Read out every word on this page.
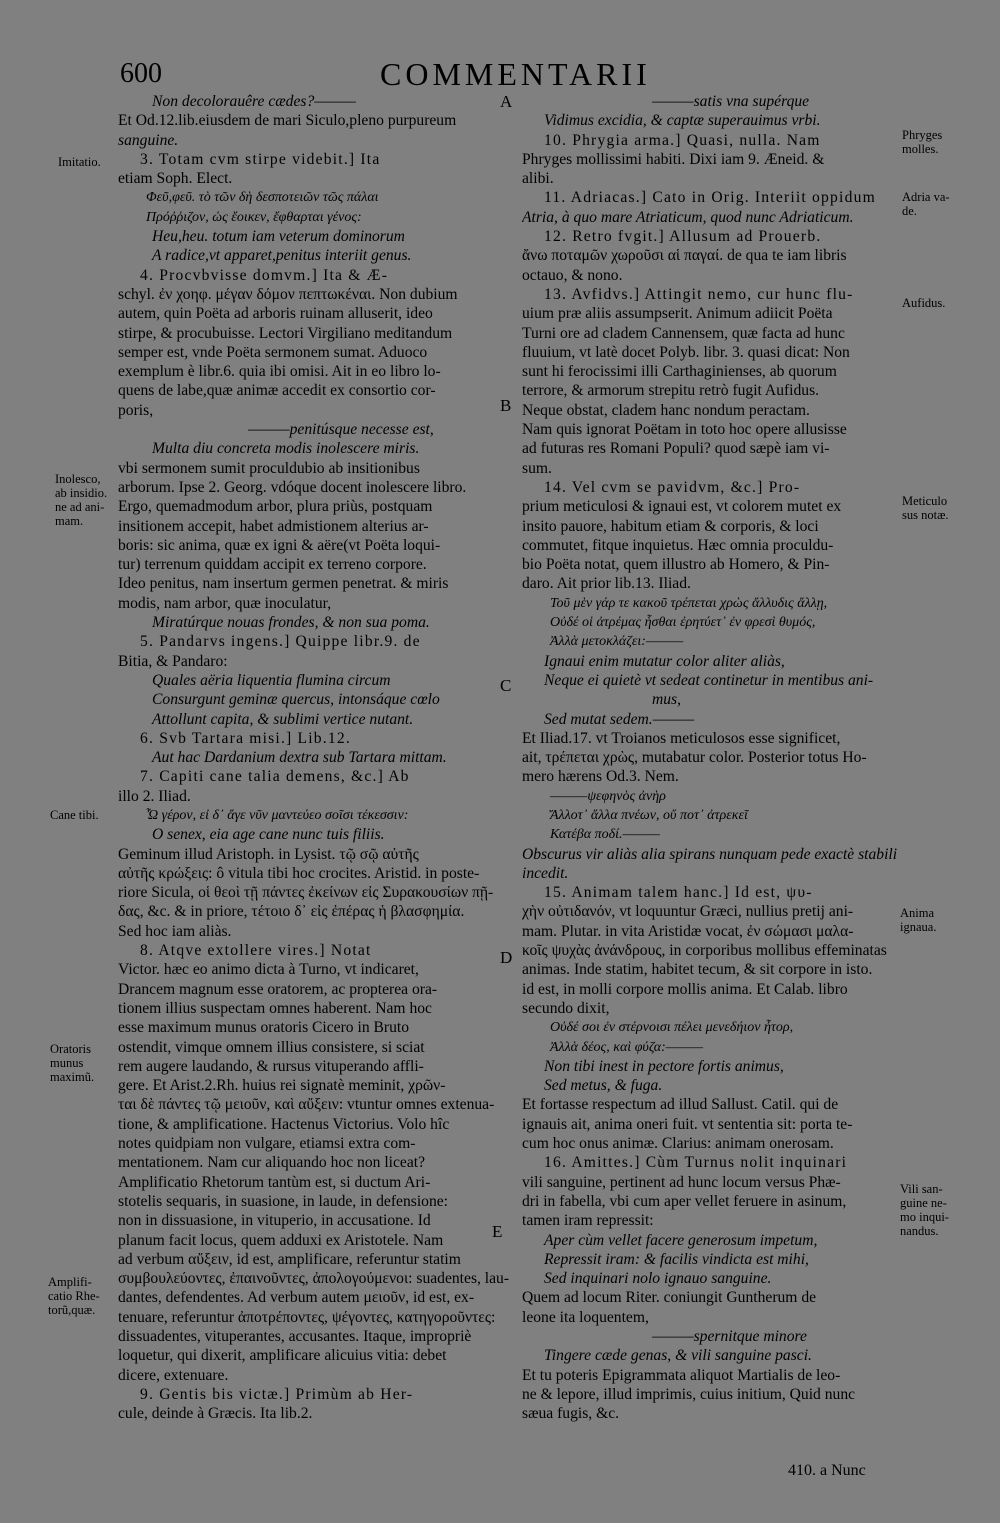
600	COMMENTARII
A
B
C
D
E
Imitatio.
Inolesco, ab insidio. ne ad ani-mam.
Cane tibi.
Oratoris munus maximũ.
Amplifi-catio Rhe-torũ,quæ.
Phryges molles.
Adria va-de.
Aufidus.
Meticulo sus notæ.
Anima ignaua.
Vili san-guine ne-mo inqui-nandus.
Non decolorauêre cædes?———
Et Od.12.lib.eiusdem de mari Siculo,pleno purpureum
sanguine.
3. Totam cvm stirpe videbit.] Ita
etiam Soph. Elect.
Φεῦ,φεῦ. τὸ τῶν δὴ δεσποτειῶν τῶς πάλαι
Πρόῤῥιζον, ὡς ἔοικεν, ἔφθαρται γένος:
Heu,heu. totum iam veterum dominorum
A radice,vt apparet,penitus interiit genus.
4. Procvbvisse domvm.] Ita & Æ-
schyl. ἐν χοηφ. μέγαν δόμον πεπτωκέναι. Non dubium
autem, quin Poëta ad arboris ruinam alluserit, ideo
stirpe, & procubuisse. Lectori Virgiliano meditandum
semper est, vnde Poëta sermonem sumat. Aduoco
exemplum è libr.6. quia ibi omisi. Ait in eo libro lo-
quens de labe,quæ animæ accedit ex consortio cor-
poris,
———penitúsque necesse est,
Multa diu concreta modis inolescere miris.
vbi sermonem sumit proculdubio ab insitionibus
arborum. Ipse 2. Georg. vdóque docent inolescere libro.
Ergo, quemadmodum arbor, plura priùs, postquam
insitionem accepit, habet admistionem alterius ar-
boris: sic anima, quæ ex igni & aëre(vt Poëta loqui-
tur) terrenum quiddam accipit ex terreno corpore.
Ideo penitus, nam insertum germen penetrat. & miris
modis, nam arbor, quæ inoculatur,
Miratúrque nouas frondes, & non sua poma.
5. Pandarvs ingens.] Quippe libr.9. de
Bitia, & Pandaro:
Quales aëria liquentia flumina circum
Consurgunt geminæ quercus, intonsáque cœlo
Attollunt capita, & sublimi vertice nutant.
6. Svb Tartara misi.] Lib.12.
Aut hac Dardanium dextra sub Tartara mittam.
7. Capiti cane talia demens, &c.] Ab
illo 2. Iliad.
Ὦ γέρον, εἰ δ᾽ ἄγε νῦν μαντεύεο σοῖσι τέκεσσιν:
O senex, eia age cane nunc tuis filiis.
Geminum illud Aristoph. in Lysist. τῷ σῷ αὐτῆς
αὐτῆς κρώξεις: ô vitula tibi hoc crocites. Aristid. in poste-
riore Sicula, οἱ θεοὶ τῇ πάντες ἐκείνων εἰς Συρακουσίων πῇ-
δας, &c. & in priore, τέτοιο δ᾽ εἰς ἐπέρας ἡ βλασφημία.
Sed hoc iam aliàs.
8. Atqve extollere vires.] Notat
Victor. hæc eo animo dicta à Turno, vt indicaret,
Drancem magnum esse oratorem, ac propterea ora-
tionem illius suspectam omnes haberent. Nam hoc
esse maximum munus oratoris Cicero in Bruto
ostendit, vimque omnem illius consistere, si sciat
rem augere laudando, & rursus vituperando affli-
gere. Et Arist.2.Rh. huius rei signatè meminit, χρῶν-
ται δὲ πάντες τῷ μειοῦν, καὶ αὔξειν: vtuntur omnes extenua-
tione, & amplificatione. Hactenus Victorius. Volo hîc
notes quidpiam non vulgare, etiamsi extra com-
mentationem. Nam cur aliquando hoc non liceat?
Amplificatio Rhetorum tantùm est, si ductum Ari-
stotelis sequaris, in suasione, in laude, in defensione:
non in dissuasione, in vituperio, in accusatione. Id
planum facit locus, quem adduxi ex Aristotele. Nam
ad verbum αὔξειν, id est, amplificare, referuntur statim
συμβουλεύοντες, ἐπαινοῦντες, ἀπολογούμενοι: suadentes, lau-
dantes, defendentes. Ad verbum autem μειοῦν, id est, ex-
tenuare, referuntur ἀποτρέποντες, ψέγοντες, κατηγοροῦντες:
dissuadentes, vituperantes, accusantes. Itaque, impropriè
loquetur, qui dixerit, amplificare alicuius vitia: debet
dicere, extenuare.
9. Gentis bis victæ.] Primùm ab Her-
cule, deinde à Græcis. Ita lib.2.
———satis vna supérque
Vidimus excidia, & captæ superauimus vrbi.
10. Phrygia arma.] Quasi, nulla. Nam
Phryges mollissimi habiti. Dixi iam 9. Æneid. &
alibi.
11. Adriacas.] Cato in Orig. Interiit oppidum
Atria, à quo mare Atriaticum, quod nunc Adriaticum.
12. Retro fvgit.] Allusum ad Prouerb.
ἄνω ποταμῶν χωροῦσι αἱ παγαί. de qua te iam libris
octauo, & nono.
13. Avfidvs.] Attingit nemo, cur hunc flu-
uium præ aliis assumpserit. Animum adiicit Poëta
Turni ore ad cladem Cannensem, quæ facta ad hunc
fluuium, vt latè docet Polyb. libr. 3. quasi dicat: Non
sunt hi ferocissimi illi Carthaginienses, ab quorum
terrore, & armorum strepitu retrò fugit Aufidus.
Neque obstat, cladem hanc nondum peractam.
Nam quis ignorat Poëtam in toto hoc opere allusisse
ad futuras res Romani Populi? quod sæpè iam vi-
sum.
14. Vel cvm se pavidvm, &c.] Pro-
prium meticulosi & ignaui est, vt colorem mutet ex
insito pauore, habitum etiam & corporis, & loci
commutet, fitque inquietus. Hæc omnia proculdu-
bio Poëta notat, quem illustro ab Homero, & Pin-
daro. Ait prior lib.13. Iliad.
Τοῦ μὲν γάρ τε κακοῦ τρέπεται χρὼς ἄλλυδις ἄλλῃ,
Οὐδέ οἱ ἀτρέμας ἧσθαι ἐρητύετ᾽ ἐν φρεσὶ θυμός,
Ἀλλὰ μετοκλάζει:———
Ignaui enim mutatur color aliter aliàs,
Neque ei quietè vt sedeat continetur in mentibus ani-
mus,
Sed mutat sedem.———
Et Iliad.17. vt Troianos meticulosos esse significet,
ait, τρέπεται χρὼς, mutabatur color. Posterior totus Ho-
mero hærens Od.3. Nem.
———ψεφηνὸς ἀνὴρ
Ἄλλοτ᾽ ἄλλα πνέων, οὔ ποτ᾽ ἀτρεκεῖ
Κατέβα ποδί.———
Obscurus vir aliàs alia spirans nunquam pede exactè stabili
incedit.
15. Animam talem hanc.] Id est, ψυ-
χὴν οὐτιδανόν, vt loquuntur Græci, nullius pretij ani-
mam. Plutar. in vita Aristidæ vocat, ἐν σώμασι μαλα-
κοῖς ψυχὰς ἀνάνδρους, in corporibus mollibus effeminatas
animas. Inde statim, habitet tecum, & sit corpore in isto.
id est, in molli corpore mollis anima. Et Calab. libro
secundo dixit,
Οὐδέ σοι ἐν στέρνοισι πέλει μενεδήιον ἦτορ,
Ἀλλὰ δέος, καὶ φύζα:———
Non tibi inest in pectore fortis animus,
Sed metus, & fuga.
Et fortasse respectum ad illud Sallust. Catil. qui de
ignauis ait, anima oneri fuit. vt sententia sit: porta te-
cum hoc onus animæ. Clarius: animam onerosam.
16. Amittes.] Cùm Turnus nolit inquinari
vili sanguine, pertinent ad hunc locum versus Phæ-
dri in fabella, vbi cum aper vellet feruere in asinum,
tamen iram repressit:
Aper cùm vellet facere generosum impetum,
Repressit iram: & facilis vindicta est mihi,
Sed inquinari nolo ignauo sanguine.
Quem ad locum Riter. coniungit Guntherum de
leone ita loquentem,
———spernitque minore
Tingere cæde genas, & vili sanguine pasci.
Et tu poteris Epigrammata aliquot Martialis de leo-
ne & lepore, illud imprimis, cuius initium, Quid nunc
sæua fugis, &c.
410. a Nunc
